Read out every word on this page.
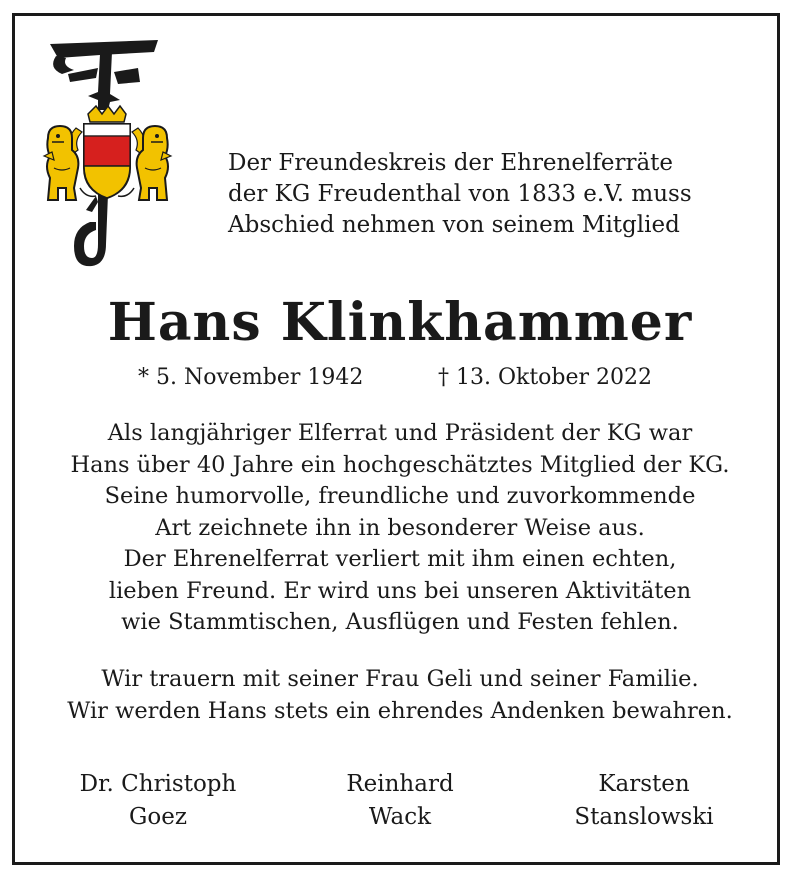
Der Freundeskreis der Ehrenelferräte
der KG Freudenthal von 1833 e.V. muss
Abschied nehmen von seinem Mitglied
Hans Klinkhammer
* 5. November 1942	† 13. Oktober 2022
Als langjähriger Elferrat und Präsident der KG war
Hans über 40 Jahre ein hochgeschätztes Mitglied der KG.
Seine humorvolle, freundliche und zuvorkommende
Art zeichnete ihn in besonderer Weise aus.
Der Ehrenelferrat verliert mit ihm einen echten,
lieben Freund. Er wird uns bei unseren Aktivitäten
wie Stammtischen, Ausflügen und Festen fehlen.
Wir trauern mit seiner Frau Geli und seiner Familie.
Wir werden Hans stets ein ehrendes Andenken bewahren.
Dr. Christoph
Goez
Reinhard
Wack
Karsten
Stanslowski
